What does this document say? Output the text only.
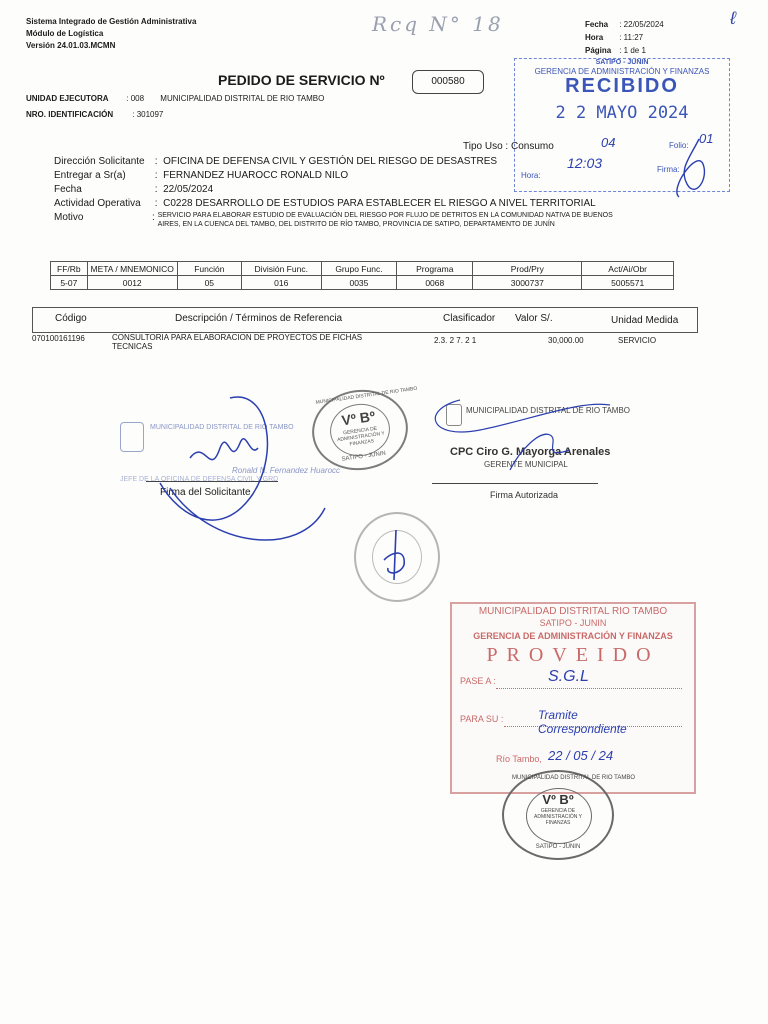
Sistema Integrado de Gestión Administrativa
Módulo de Logística
Versión 24.01.03.MCMN
Rcq N° 18	Fecha : 22/05/2024
Hora : 11:27
Página : 1 de 1
ℓ
PEDIDO DE SERVICIO Nº	000580
UNIDAD EJECUTORA : 008 MUNICIPALIDAD DISTRITAL DE RIO TAMBO
NRO. IDENTIFICACIÓN : 301097
SATIPO - JUNIN
GERENCIA DE ADMINISTRACIÓN Y FINANZAS
RECIBIDO
2 2 MAYO 2024
Folio: 01
04
Hora:
12:03	Firma:
Tipo Uso : Consumo
Dirección Solicitante :  OFICINA DE DEFENSA CIVIL Y GESTIÓN DEL RIESGO DE DESASTRES
Entregar a Sr(a)	:  FERNANDEZ HUAROCC RONALD NILO
Fecha	:  22/05/2024
Actividad Operativa :  C0228 DESARROLLO DE ESTUDIOS PARA ESTABLECER EL RIESGO A NIVEL TERRITORIAL
Motivo	: SERVICIO PARA ELABORAR ESTUDIO DE EVALUACIÓN DEL RIESGO POR FLUJO DE DETRITOS EN LA COMUNIDAD NATIVA DE BUENOS
AIRES, EN LA CUENCA DEL TAMBO, DEL DISTRITO DE RÍO TAMBO, PROVINCIA DE SATIPO, DEPARTAMENTO DE JUNÍN
FF/Rb	META / MNEMONICO	Función	División Func.	Grupo Func.	Programa	Prod/Pry	Act/Ai/Obr
5-07	0012	05	016	0035	0068	3000737	5005571
Código	Descripción / Términos de Referencia	Clasificador Valor S/.	Unidad Medida
070100161196	CONSULTORIA PARA ELABORACION DE PROYECTOS DE FICHAS
TECNICAS
2.3. 2 7. 2 1	30,000.00	SERVICIO
MUNICIPALIDAD DISTRITAL DE RIO TAMBO
Ronald N. Fernandez Huarocc
JEFE DE LA OFICINA DE DEFENSA CIVIL Y GRD
Firma del Solicitante
MUNICIPALIDAD DISTRITAL DE RIO TAMBO
Vº Bº
GERENCIA DE ADMINISTRACIÓN Y FINANZAS
SATIPO - JUNIN
MUNICIPALIDAD DISTRITAL DE RIO TAMBO
CPC Ciro G. Mayorga Arenales
GERENTE MUNICIPAL
Firma Autorizada
MUNICIPALIDAD DISTRITAL RIO TAMBO
SATIPO - JUNIN
GERENCIA DE ADMINISTRACIÓN Y FINANZAS
PROVEIDO
PASE A :	S.G.L
PARA SU :	Tramite Correspondiente
Río Tambo, 22 / 05 / 24
MUNICIPALIDAD DISTRITAL DE RIO TAMBO
Vº Bº
GERENCIA DE ADMINISTRACIÓN Y FINANZAS
SATIPO - JUNIN
